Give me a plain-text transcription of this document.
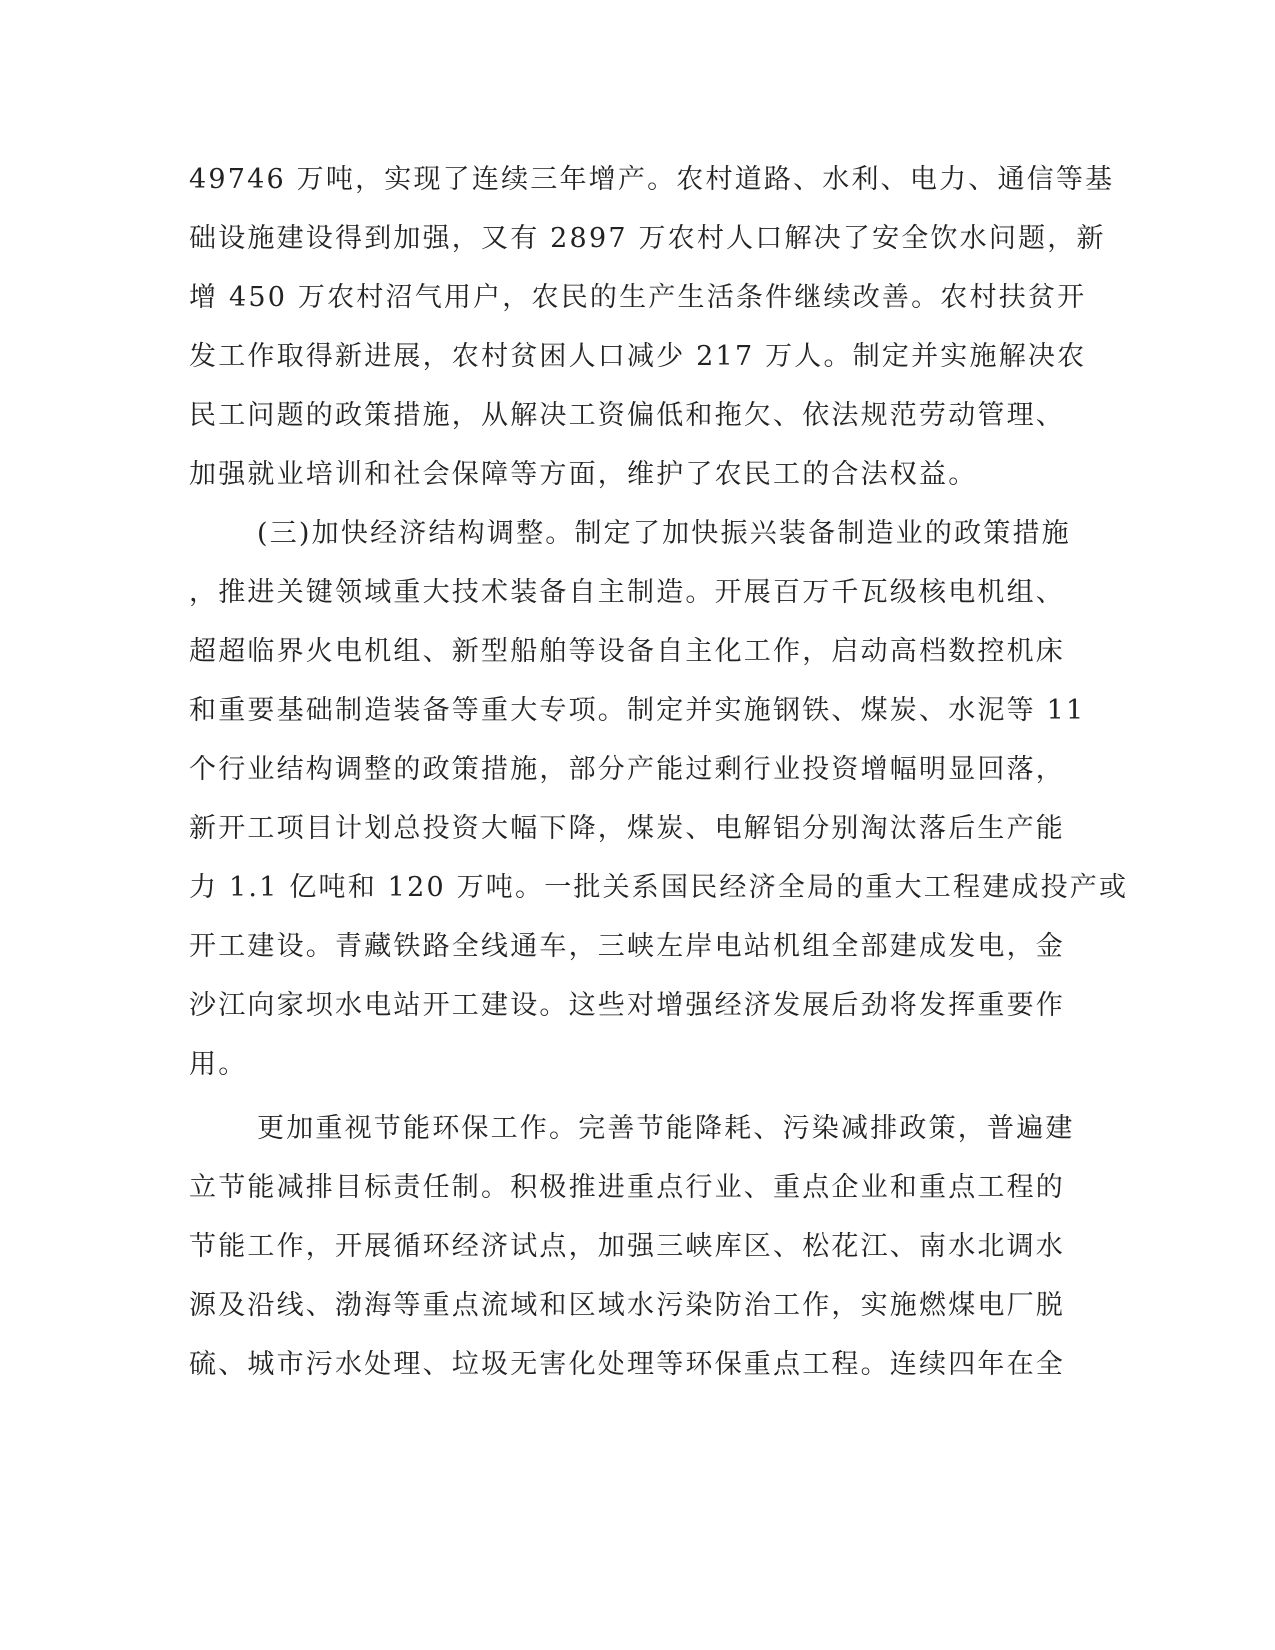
49746 万吨，实现了连续三年增产。农村道路、水利、电力、通信等基
础设施建设得到加强，又有 2897 万农村人口解决了安全饮水问题，新
增 450 万农村沼气用户，农民的生产生活条件继续改善。农村扶贫开
发工作取得新进展，农村贫困人口减少 217 万人。制定并实施解决农
民工问题的政策措施，从解决工资偏低和拖欠、依法规范劳动管理、
加强就业培训和社会保障等方面，维护了农民工的合法权益。
(三)加快经济结构调整。制定了加快振兴装备制造业的政策措施
，推进关键领域重大技术装备自主制造。开展百万千瓦级核电机组、
超超临界火电机组、新型船舶等设备自主化工作，启动高档数控机床
和重要基础制造装备等重大专项。制定并实施钢铁、煤炭、水泥等 11
个行业结构调整的政策措施，部分产能过剩行业投资增幅明显回落，
新开工项目计划总投资大幅下降，煤炭、电解铝分别淘汰落后生产能
力 1.1 亿吨和 120 万吨。一批关系国民经济全局的重大工程建成投产或
开工建设。青藏铁路全线通车，三峡左岸电站机组全部建成发电，金
沙江向家坝水电站开工建设。这些对增强经济发展后劲将发挥重要作
用。
更加重视节能环保工作。完善节能降耗、污染减排政策，普遍建
立节能减排目标责任制。积极推进重点行业、重点企业和重点工程的
节能工作，开展循环经济试点，加强三峡库区、松花江、南水北调水
源及沿线、渤海等重点流域和区域水污染防治工作，实施燃煤电厂脱
硫、城市污水处理、垃圾无害化处理等环保重点工程。连续四年在全
